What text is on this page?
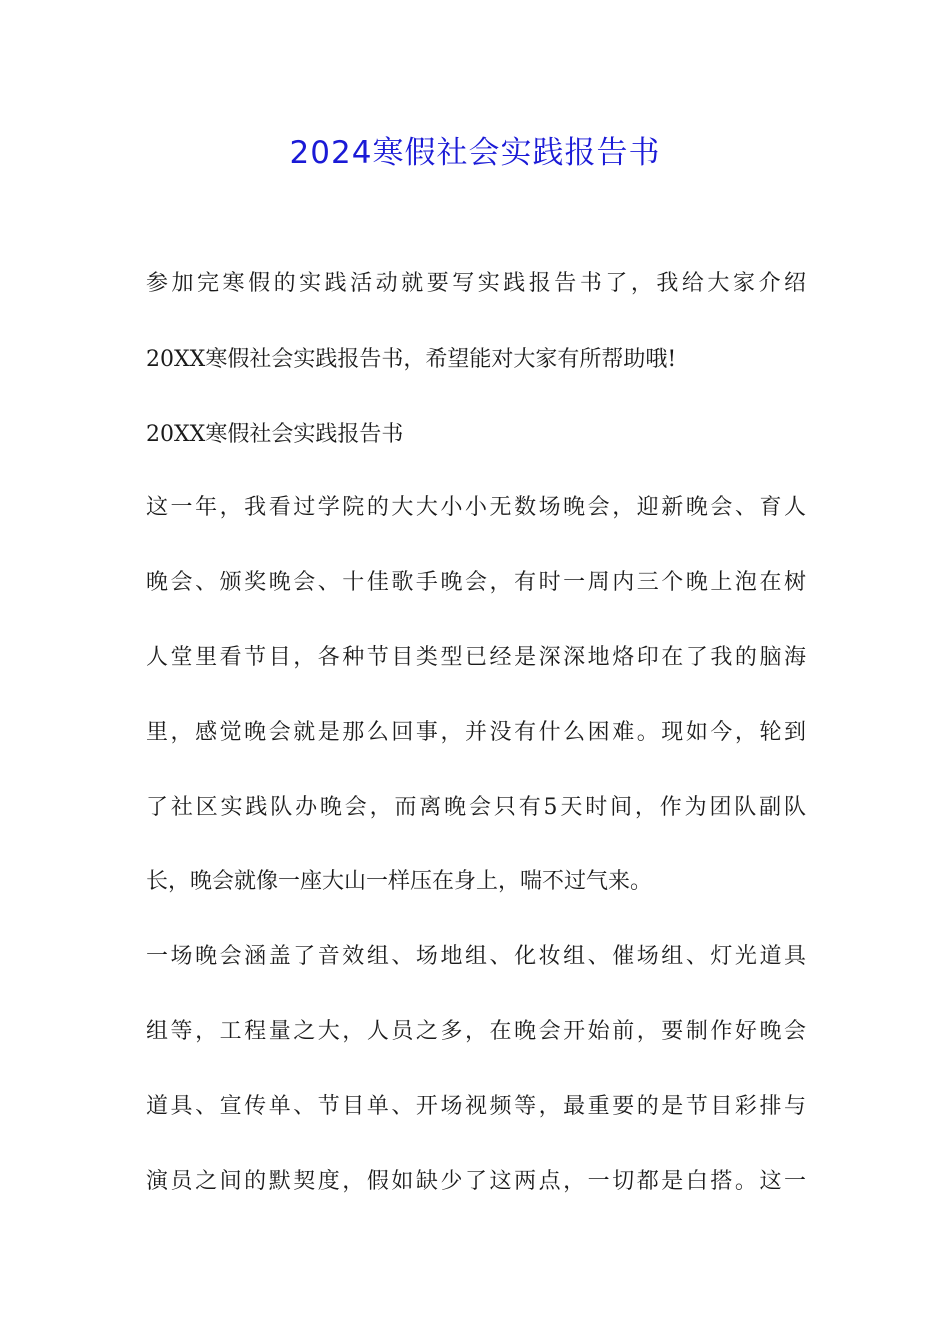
2024寒假社会实践报告书
参加完寒假的实践活动就要写实践报告书了，我给大家介绍
20XX寒假社会实践报告书，希望能对大家有所帮助哦!
20XX寒假社会实践报告书
这一年，我看过学院的大大小小无数场晚会，迎新晚会、育人
晚会、颁奖晚会、十佳歌手晚会，有时一周内三个晚上泡在树
人堂里看节目，各种节目类型已经是深深地烙印在了我的脑海
里，感觉晚会就是那么回事，并没有什么困难。现如今，轮到
了社区实践队办晚会，而离晚会只有5天时间，作为团队副队
长，晚会就像一座大山一样压在身上，喘不过气来。
一场晚会涵盖了音效组、场地组、化妆组、催场组、灯光道具
组等，工程量之大，人员之多，在晚会开始前，要制作好晚会
道具、宣传单、节目单、开场视频等，最重要的是节目彩排与
演员之间的默契度，假如缺少了这两点，一切都是白搭。这一
